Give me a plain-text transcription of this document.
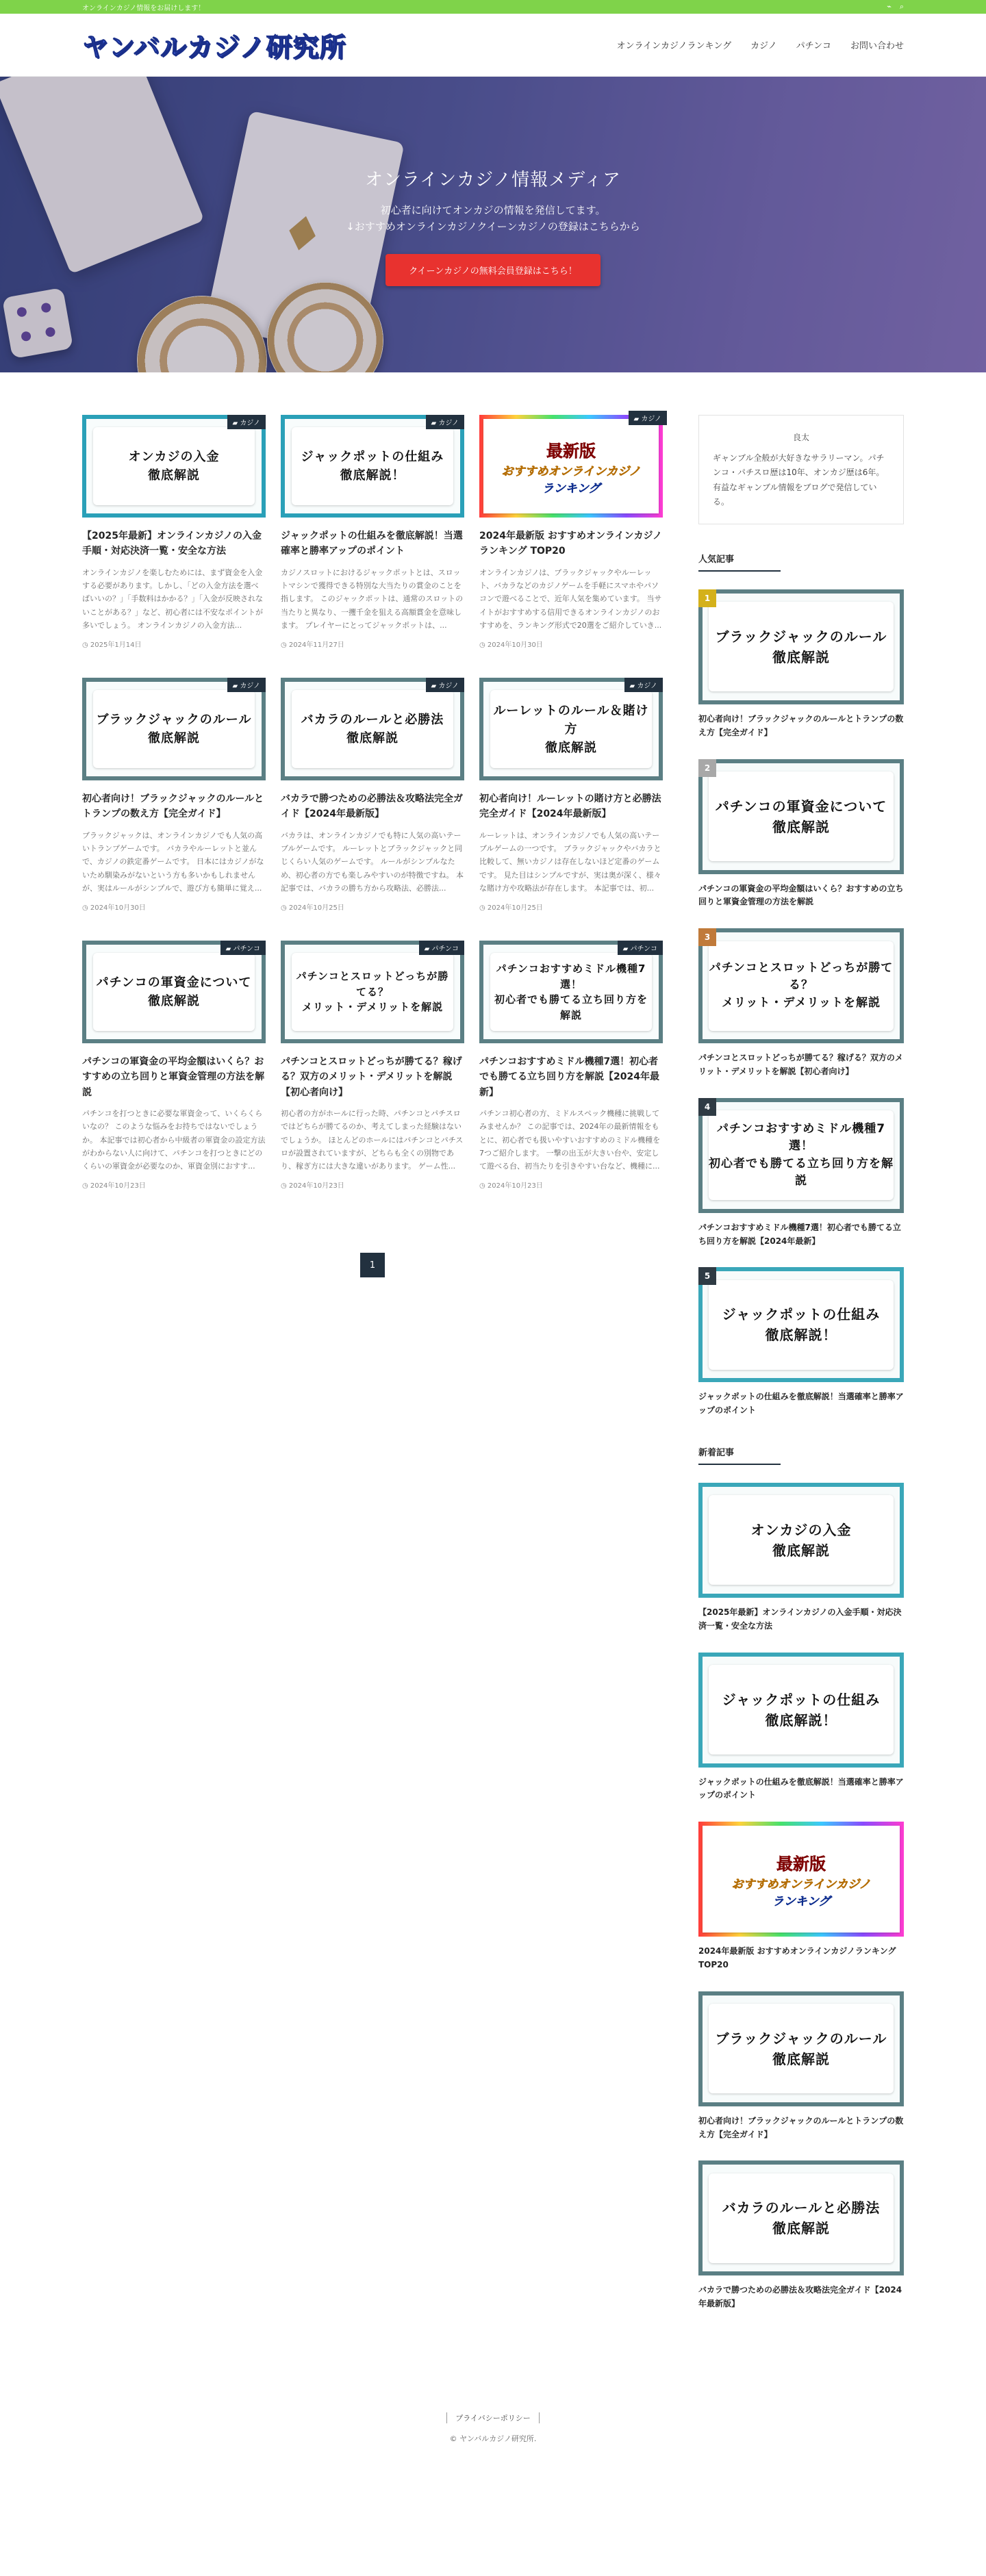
オンラインカジノ情報をお届けします！	⌁ ⌕
ヤンバルカジノ研究所	オンラインカジノランキング カジノ パチンコ お問い合わせ
♦
オンラインカジノ情報メディア
初心者に向けてオンカジの情報を発信してます。
↓おすすめオンラインカジノクイーンカジノの登録はこちらから
クイーンカジノの無料会員登録はこちら！
オンカジの入金
徹底解説
▰ カジノ
【2025年最新】オンラインカジノの入金手順・対応決済一覧・安全な方法
オンラインカジノを楽しむためには、まず資金を入金する必要があります。しかし、「どの入金方法を選べばいいの？」「手数料はかかる？」「入金が反映されないことがある？」など、初心者には不安なポイントが多いでしょう。 オンラインカジノの入金方法...
◷ 2025年1月14日
ジャックポットの仕組み
徹底解説！
▰ カジノ
ジャックポットの仕組みを徹底解説！当選確率と勝率アップのポイント
カジノスロットにおけるジャックポットとは、スロットマシンで獲得できる特別な大当たりの賞金のことを指します。 このジャックポットは、通常のスロットの当たりと異なり、一攫千金を狙える高額賞金を意味します。 プレイヤーにとってジャックポットは、...
◷ 2024年11月27日
最新版
おすすめオンラインカジノ
ランキング
▰ カジノ
2024年最新版 おすすめオンラインカジノランキング TOP20
オンラインカジノは、ブラックジャックやルーレット、バカラなどのカジノゲームを手軽にスマホやパソコンで遊べることで、近年人気を集めています。 当サイトがおすすめする信用できるオンラインカジノのおすすめを、ランキング形式で20選をご紹介していき...
◷ 2024年10月30日
ブラックジャックのルール
徹底解説
▰ カジノ
初心者向け！ブラックジャックのルールとトランプの数え方【完全ガイド】
ブラックジャックは、オンラインカジノでも人気の高いトランプゲームです。 バカラやルーレットと並んで、カジノの鉄定番ゲームです。 日本にはカジノがないため馴染みがないという方も多いかもしれませんが、実はルールがシンプルで、遊び方も簡単に覚え...
◷ 2024年10月30日
バカラのルールと必勝法
徹底解説
▰ カジノ
バカラで勝つための必勝法＆攻略法完全ガイド【2024年最新版】
バカラは、オンラインカジノでも特に人気の高いテーブルゲームです。 ルーレットとブラックジャックと同じくらい人気のゲームです。 ルールがシンプルなため、初心者の方でも楽しみやすいのが特徴ですね。 本記事では、バカラの勝ち方から攻略法、必勝法...
◷ 2024年10月25日
ルーレットのルール＆賭け方
徹底解説
▰ カジノ
初心者向け！ルーレットの賭け方と必勝法完全ガイド【2024年最新版】
ルーレットは、オンラインカジノでも人気の高いテーブルゲームの一つです。 ブラックジャックやバカラと比較して、無いカジノは存在しないほど定番のゲームです。 見た目はシンプルですが、実は奥が深く、様々な賭け方や攻略法が存在します。 本記事では、初...
◷ 2024年10月25日
パチンコの軍資金について
徹底解説
▰ パチンコ
パチンコの軍資金の平均金額はいくら？おすすめの立ち回りと軍資金管理の方法を解説
パチンコを打つときに必要な軍資金って、いくらくらいなの？ このような悩みをお持ちではないでしょうか。 本記事では初心者から中級者の軍資金の設定方法がわからない人に向けて、パチンコを打つときにどのくらいの軍資金が必要なのか、軍資金別におすす...
◷ 2024年10月23日
パチンコとスロットどっちが勝てる？
メリット・デメリットを解説
▰ パチンコ
パチンコとスロットどっちが勝てる？稼げる？双方のメリット・デメリットを解説【初心者向け】
初心者の方がホールに行った時、パチンコとパチスロではどちらが勝てるのか、考えてしまった経験はないでしょうか。 ほとんどのホールにはパチンコとパチスロが設置されていますが、どちらも全くの別物であり、稼ぎ方には大きな違いがあります。 ゲーム性...
◷ 2024年10月23日
パチンコおすすめミドル機種7選！
初心者でも勝てる立ち回り方を解説
▰ パチンコ
パチンコおすすめミドル機種7選！初心者でも勝てる立ち回り方を解説【2024年最新】
パチンコ初心者の方、ミドルスペック機種に挑戦してみませんか？ この記事では、2024年の最新情報をもとに、初心者でも扱いやすいおすすめのミドル機種を7つご紹介します。 一撃の出玉が大きい台や、安定して遊べる台、初当たりを引きやすい台など、機種に...
◷ 2024年10月23日
1
良太
ギャンブル全般が大好きなサラリーマン。パチンコ・パチスロ歴は10年、オンカジ歴は6年。有益なギャンブル情報をブログで発信している。
人気記事
1
ブラックジャックのルール
徹底解説
初心者向け！ブラックジャックのルールとトランプの数え方【完全ガイド】
2
パチンコの軍資金について
徹底解説
パチンコの軍資金の平均金額はいくら？おすすめの立ち回りと軍資金管理の方法を解説
3
パチンコとスロットどっちが勝てる？
メリット・デメリットを解説
パチンコとスロットどっちが勝てる？稼げる？双方のメリット・デメリットを解説【初心者向け】
4
パチンコおすすめミドル機種7選！
初心者でも勝てる立ち回り方を解説
パチンコおすすめミドル機種7選！初心者でも勝てる立ち回り方を解説【2024年最新】
5
ジャックポットの仕組み
徹底解説！
ジャックポットの仕組みを徹底解説！当選確率と勝率アップのポイント
新着記事
オンカジの入金
徹底解説
【2025年最新】オンラインカジノの入金手順・対応決済一覧・安全な方法
ジャックポットの仕組み
徹底解説！
ジャックポットの仕組みを徹底解説！当選確率と勝率アップのポイント
最新版
おすすめオンラインカジノ
ランキング
2024年最新版 おすすめオンラインカジノランキング TOP20
ブラックジャックのルール
徹底解説
初心者向け！ブラックジャックのルールとトランプの数え方【完全ガイド】
バカラのルールと必勝法
徹底解説
バカラで勝つための必勝法＆攻略法完全ガイド【2024年最新版】
プライバシーポリシー
© ヤンバルカジノ研究所.
